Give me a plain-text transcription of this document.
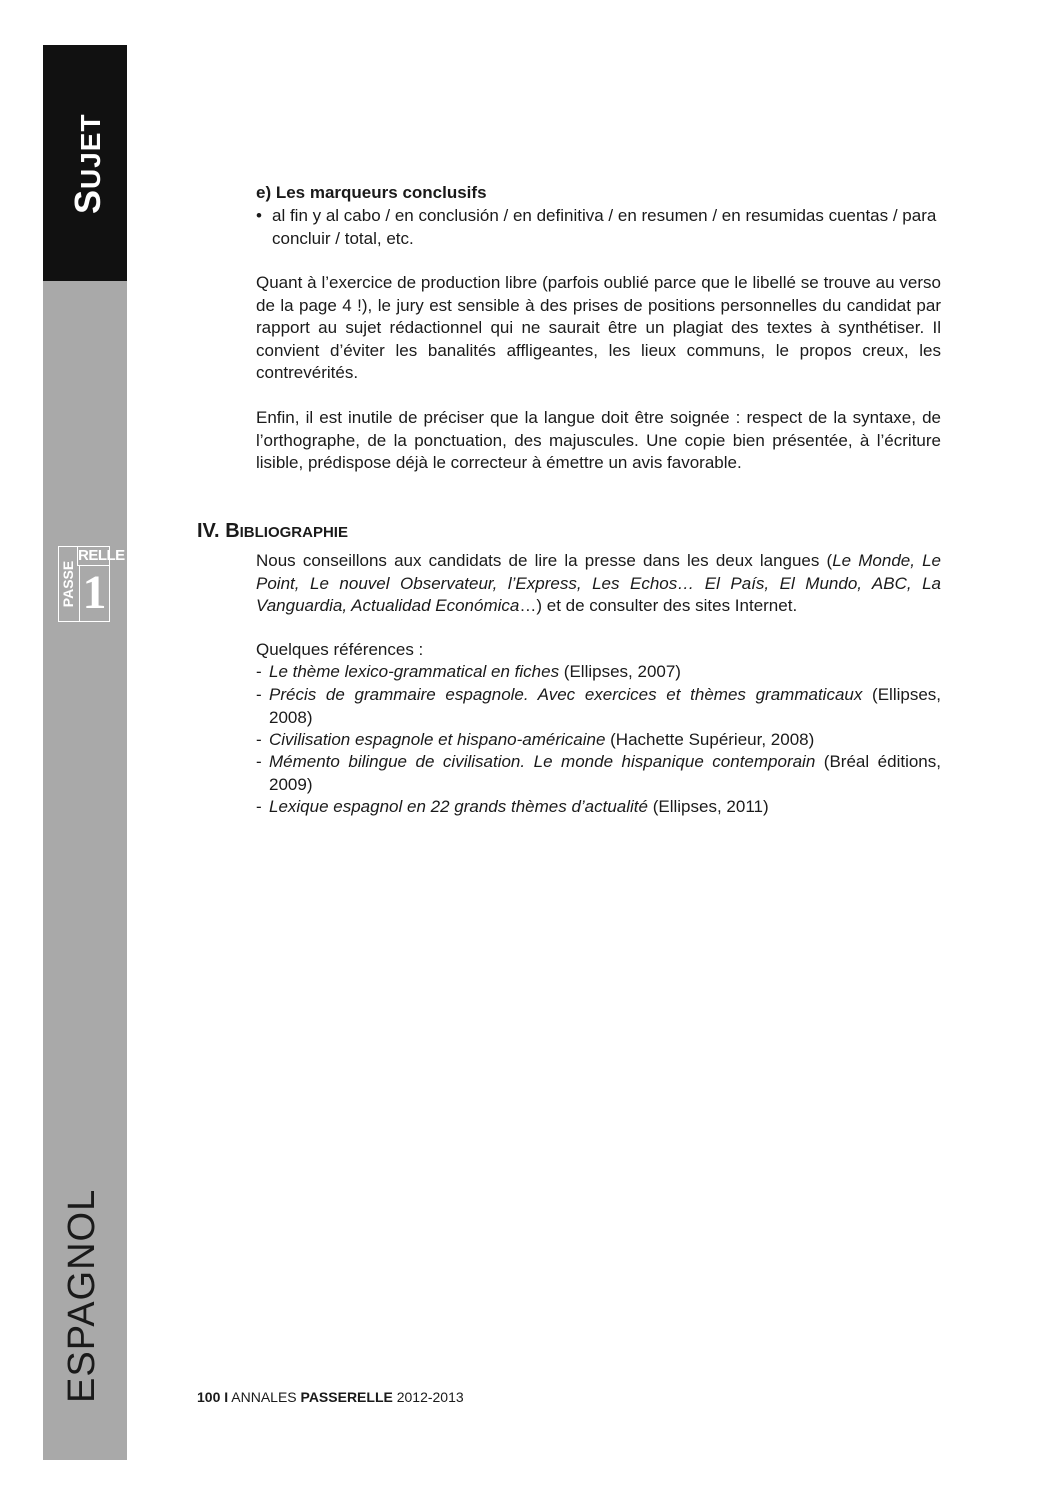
SUJET
RELLE
PASSE 1
ESPAGNOL
e) Les marqueurs conclusifs
• al fin y al cabo / en conclusión / en definitiva / en resumen / en resumidas cuentas / para concluir / total, etc.

Quant à l’exercice de production libre (parfois oublié parce que le libellé se trouve au verso de la page 4 !), le jury est sensible à des prises de positions personnelles du candidat par rapport au sujet rédactionnel qui ne saurait être un plagiat des textes à synthétiser. Il convient d’éviter les banalités affligeantes, les lieux communs, le propos creux, les contrevérités.

Enfin, il est inutile de préciser que la langue doit être soignée : respect de la syntaxe, de l’orthographe, de la ponctuation, des majuscules. Une copie bien présentée, à l’écriture lisible, prédispose déjà le correcteur à émettre un avis favorable.

IV. BIBLIOGRAPHIE

Nous conseillons aux candidats de lire la presse dans les deux langues (Le Monde, Le Point, Le nouvel Observateur, l’Express, Les Echos… El País, El Mundo, ABC, La Vanguardia, Actualidad Económica…) et de consulter des sites Internet.

Quelques références :
- Le thème lexico-grammatical en fiches (Ellipses, 2007)
- Précis de grammaire espagnole. Avec exercices et thèmes grammaticaux (Ellipses, 2008)
- Civilisation espagnole et hispano-américaine (Hachette Supérieur, 2008)
- Mémento bilingue de civilisation. Le monde hispanique contemporain (Bréal éditions, 2009)
- Lexique espagnol en 22 grands thèmes d’actualité (Ellipses, 2011)
100 I ANNALES PASSERELLE 2012-2013
